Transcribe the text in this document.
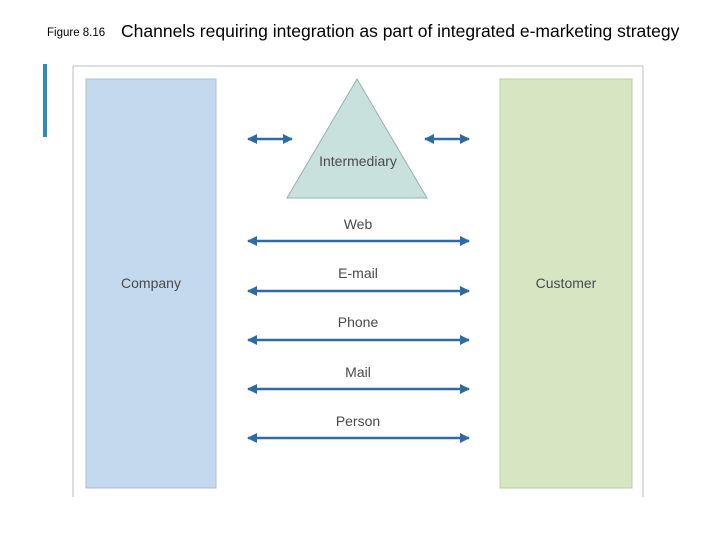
Figure 8.16 Channels requiring integration as part of integrated e-marketing strategy
Company	Customer
Intermediary
Web
E-mail
Phone
Mail
Person
